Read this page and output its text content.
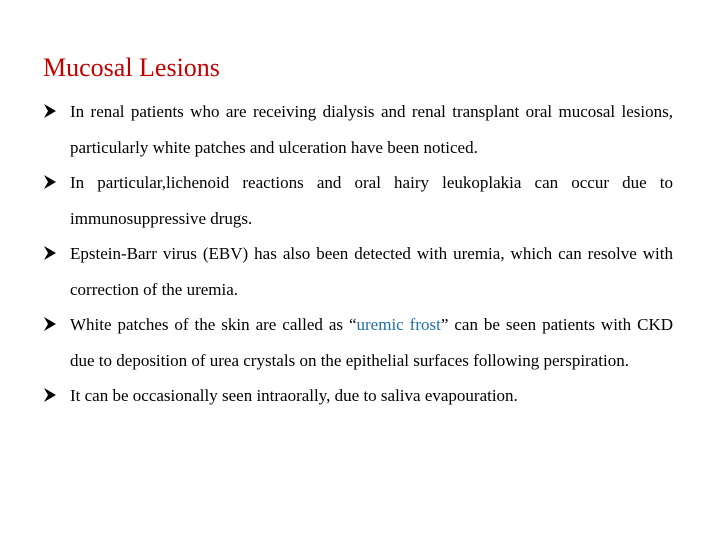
Mucosal Lesions
In renal patients who are receiving dialysis and renal transplant oral mucosal lesions, particularly white patches and ulceration have been noticed.
In particular,lichenoid reactions and oral hairy leukoplakia can occur due to immunosuppressive drugs.
Epstein-Barr virus (EBV) has also been detected with uremia, which can resolve with correction of the uremia.
White patches of the skin are called as “uremic frost” can be seen patients with CKD due to deposition of urea crystals on the epithelial surfaces following perspiration.
It can be occasionally seen intraorally, due to saliva evapouration.
